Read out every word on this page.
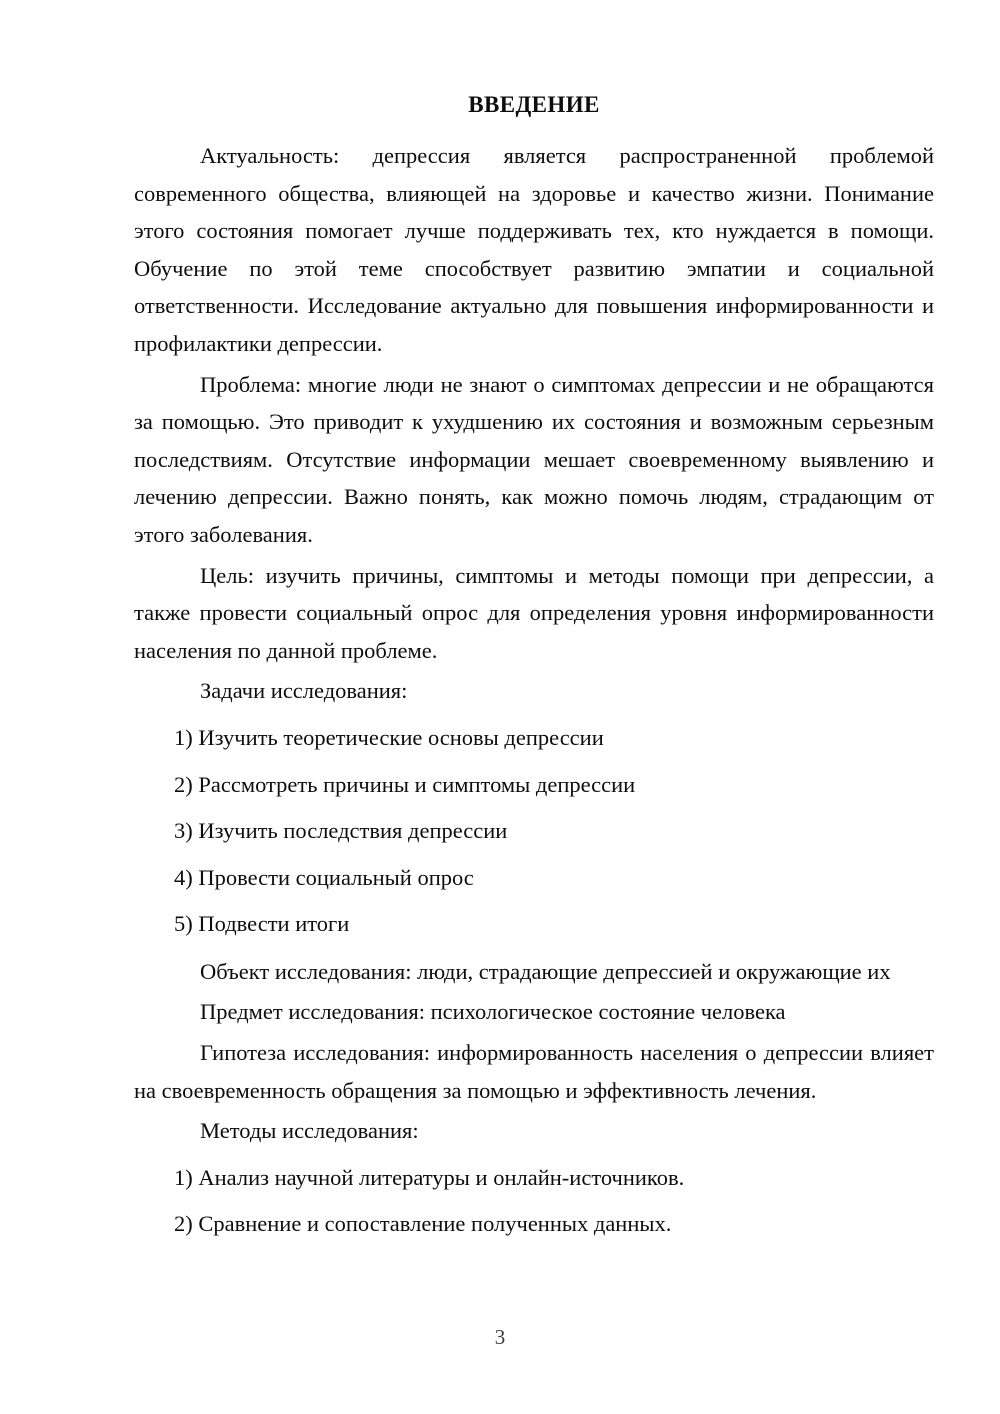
ВВЕДЕНИЕ

Актуальность: депрессия является распространенной проблемой современного общества, влияющей на здоровье и качество жизни. Понимание этого состояния помогает лучше поддерживать тех, кто нуждается в помощи. Обучение по этой теме способствует развитию эмпатии и социальной ответственности. Исследование актуально для повышения информированности и профилактики депрессии.

Проблема: многие люди не знают о симптомах депрессии и не обращаются за помощью. Это приводит к ухудшению их состояния и возможным серьезным последствиям. Отсутствие информации мешает своевременному выявлению и лечению депрессии. Важно понять, как можно помочь людям, страдающим от этого заболевания.

Цель: изучить причины, симптомы и методы помощи при депрессии, а также провести социальный опрос для определения уровня информированности населения по данной проблеме.

Задачи исследования:

1) Изучить теоретические основы депрессии
2) Рассмотреть причины и симптомы депрессии
3) Изучить последствия депрессии
4) Провести социальный опрос
5) Подвести итоги

Объект исследования: люди, страдающие депрессией и окружающие их

Предмет исследования: психологическое состояние человека

Гипотеза исследования: информированность населения о депрессии влияет на своевременность обращения за помощью и эффективность лечения.

Методы исследования:

1) Анализ научной литературы и онлайн-источников.
2) Сравнение и сопоставление полученных данных.
3
